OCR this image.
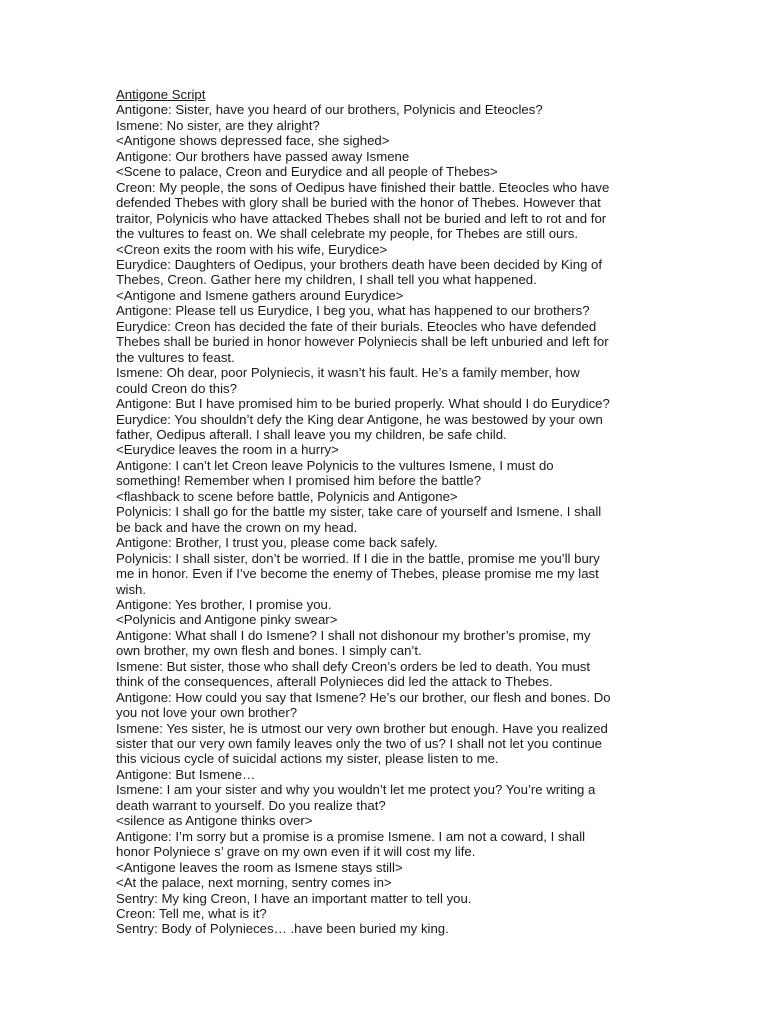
Antigone Script
Antigone: Sister, have you heard of our brothers, Polynicis and Eteocles?
Ismene: No sister, are they alright?
<Antigone shows depressed face, she sighed>
Antigone: Our brothers have passed away Ismene
<Scene to palace, Creon and Eurydice and all people of Thebes>
Creon: My people, the sons of Oedipus have finished their battle. Eteocles who have
defended Thebes with glory shall be buried with the honor of Thebes. However that
traitor, Polynicis who have attacked Thebes shall not be buried and left to rot and for
the vultures to feast on. We shall celebrate my people, for Thebes are still ours.
<Creon exits the room with his wife, Eurydice>
Eurydice: Daughters of Oedipus, your brothers death have been decided by King of
Thebes, Creon. Gather here my children, I shall tell you what happened.
<Antigone and Ismene gathers around Eurydice>
Antigone: Please tell us Eurydice, I beg you, what has happened to our brothers?
Eurydice: Creon has decided the fate of their burials. Eteocles who have defended
Thebes shall be buried in honor however Polyniecis shall be left unburied and left for
the vultures to feast.
Ismene: Oh dear, poor Polyniecis, it wasn’t his fault. He’s a family member, how
could Creon do this?
Antigone: But I have promised him to be buried properly. What should I do Eurydice?
Eurydice: You shouldn’t defy the King dear Antigone, he was bestowed by your own
father, Oedipus afterall. I shall leave you my children, be safe child.
<Eurydice leaves the room in a hurry>
Antigone: I can’t let Creon leave Polynicis to the vultures Ismene, I must do
something! Remember when I promised him before the battle?
<flashback to scene before battle, Polynicis and Antigone>
Polynicis: I shall go for the battle my sister, take care of yourself and Ismene. I shall
be back and have the crown on my head.
Antigone: Brother, I trust you, please come back safely.
Polynicis: I shall sister, don’t be worried. If I die in the battle, promise me you’ll bury
me in honor. Even if I’ve become the enemy of Thebes, please promise me my last
wish.
Antigone: Yes brother, I promise you.
<Polynicis and Antigone pinky swear>
Antigone: What shall I do Ismene? I shall not dishonour my brother’s promise, my
own brother, my own flesh and bones. I simply can’t.
Ismene: But sister, those who shall defy Creon’s orders be led to death. You must
think of the consequences, afterall Polynieces did led the attack to Thebes.
Antigone: How could you say that Ismene? He’s our brother, our flesh and bones. Do
you not love your own brother?
Ismene: Yes sister, he is utmost our very own brother but enough. Have you realized
sister that our very own family leaves only the two of us? I shall not let you continue
this vicious cycle of suicidal actions my sister, please listen to me.
Antigone: But Ismene…
Ismene: I am your sister and why you wouldn’t let me protect you? You’re writing a
death warrant to yourself. Do you realize that?
<silence as Antigone thinks over>
Antigone: I’m sorry but a promise is a promise Ismene. I am not a coward, I shall
honor Polyniece s’ grave on my own even if it will cost my life.
<Antigone leaves the room as Ismene stays still>
<At the palace, next morning, sentry comes in>
Sentry: My king Creon, I have an important matter to tell you.
Creon: Tell me, what is it?
Sentry: Body of Polynieces… .have been buried my king.
